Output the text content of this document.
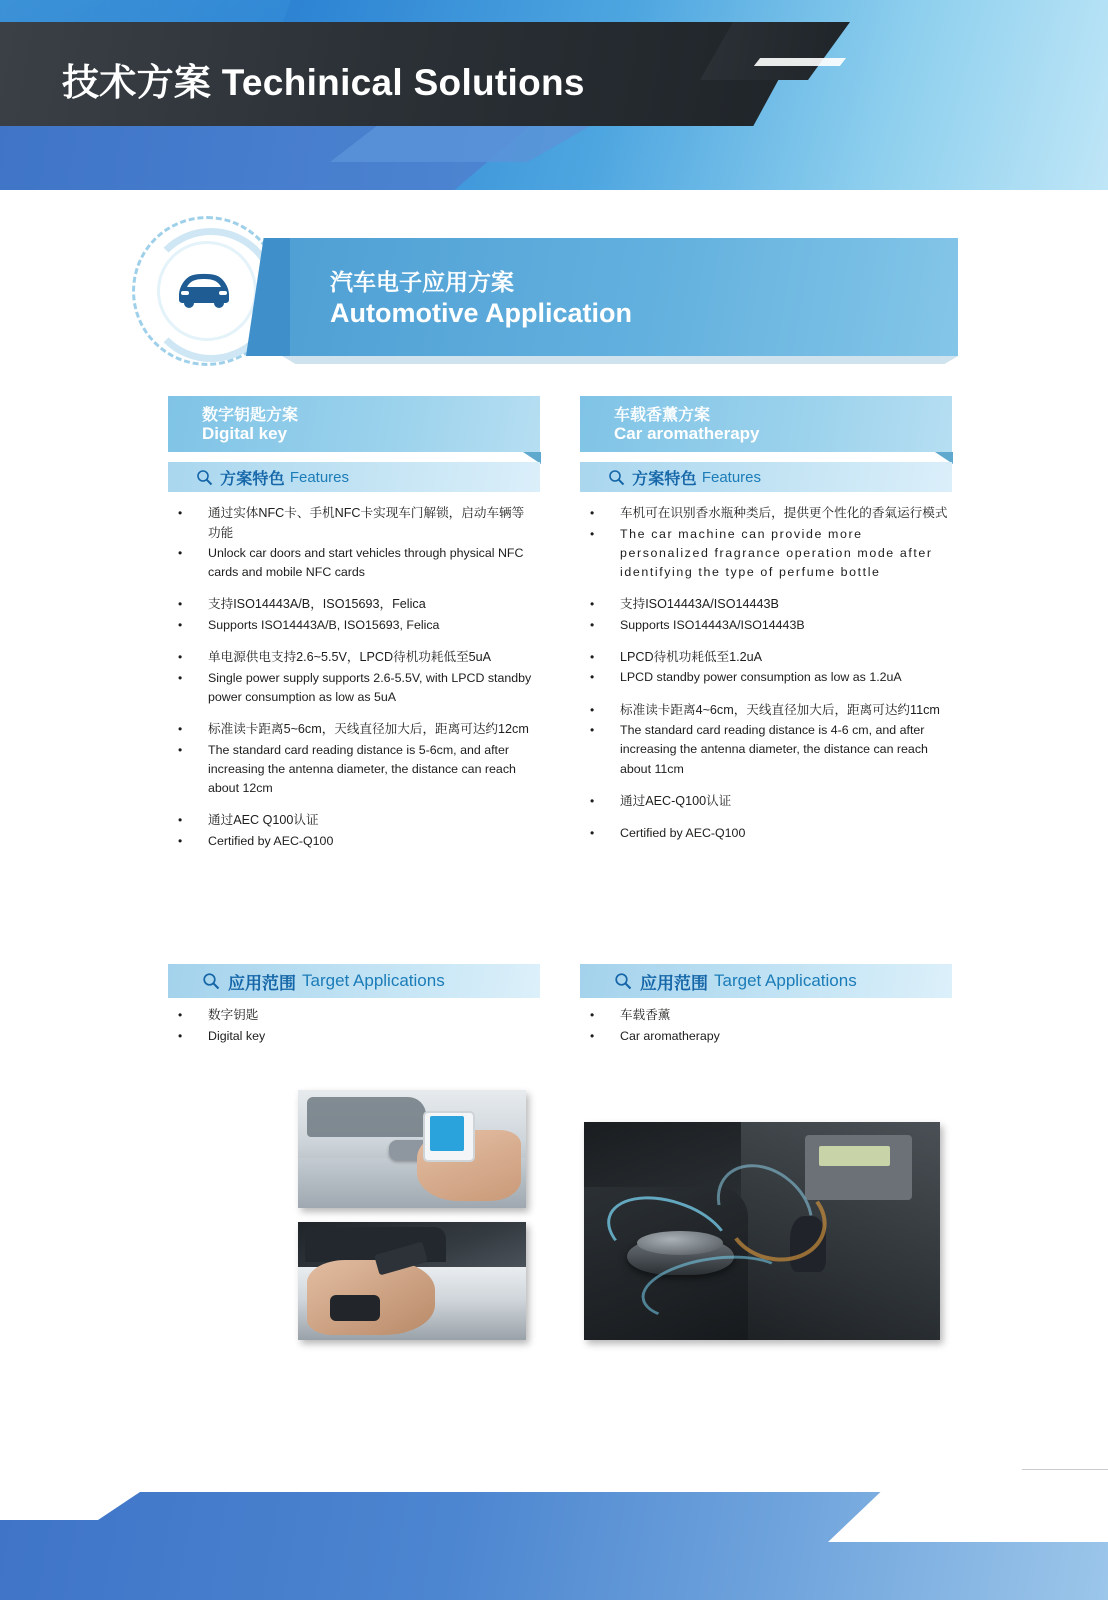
技术方案 Techinical Solutions
汽车电子应用方案
Automotive Application
数字钥匙方案
Digital key
方案特色 Features
•	通过实体NFC卡、手机NFC卡实现车门解锁，启动车辆等功能
•	Unlock car doors and start vehicles through physical NFC cards and mobile NFC cards
•	支持ISO14443A/B，ISO15693，Felica
•	Supports ISO14443A/B, ISO15693, Felica
•	单电源供电支持2.6~5.5V，LPCD待机功耗低至5uA
•	Single power supply supports 2.6-5.5V, with LPCD standby power consumption as low as 5uA
•	标准读卡距离5~6cm，天线直径加大后，距离可达约12cm
•	The standard card reading distance is 5-6cm, and after increasing the antenna diameter, the distance can reach about 12cm
•	通过AEC Q100认证
•	Certified by AEC-Q100
车载香薰方案
Car aromatherapy
方案特色 Features
•	车机可在识别香水瓶种类后，提供更个性化的香氣运行模式
•	The car machine can provide more personalized fragrance operation mode after identifying the type of perfume bottle
•	支持ISO14443A/ISO14443B
•	Supports ISO14443A/ISO14443B
•	LPCD待机功耗低至1.2uA
•	LPCD standby power consumption as low as 1.2uA
•	标准读卡距离4~6cm，天线直径加大后，距离可达约11cm
•	The standard card reading distance is 4-6 cm, and after increasing the antenna diameter, the distance can reach about 11cm
•	通过AEC-Q100认证
•	Certified by AEC-Q100
应用范围 Target Applications
•	数字钥匙
•	Digital key
应用范围 Target Applications
•	车载香薰
•	Car aromatherapy
